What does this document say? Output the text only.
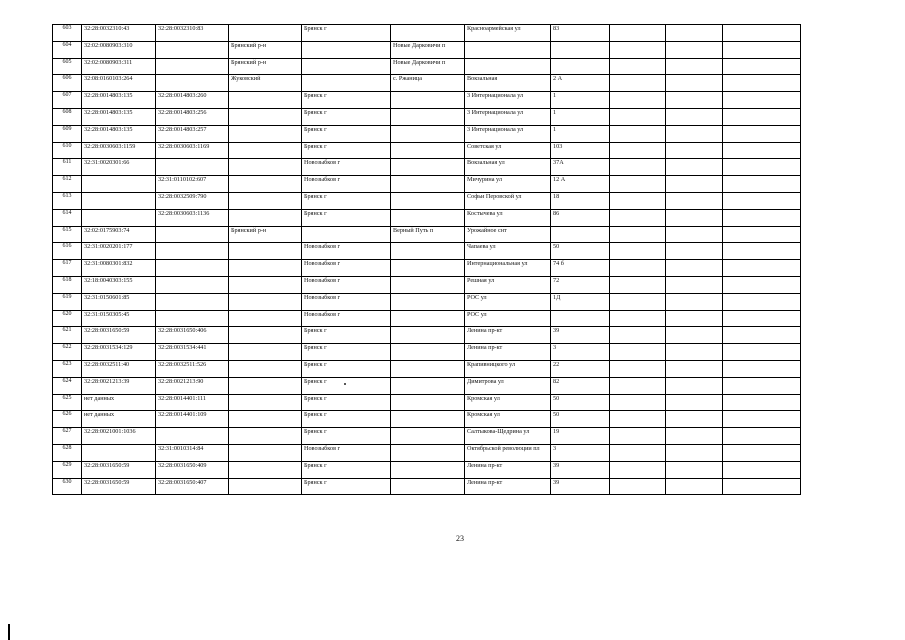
603	32:28:0032310:43	32:28:0032310:83		Брянск г		Красноармейская ул	83			
604	32:02:0080903:310		Брянский р-н		Новые Дарковичи п					
605	32:02:0080903:311		Брянский р-н		Новые Дарковичи п					
606	32:08:0160103:264		Жуковский		с. Ржаница	Вокзальная	2 А			
607	32:28:0014803:135	32:28:0014803:260		Брянск г		3 Интернационала ул	1			
608	32:28:0014803:135	32:28:0014803:256		Брянск г		3 Интернационала ул	1			
609	32:28:0014803:135	32:28:0014803:257		Брянск г		3 Интернационала ул	1			
610	32:28:0030603:1159	32:28:0030603:1169		Брянск г		Советская ул	103			
611	32:31:0020301:66			Новозыбков г		Вокзальная ул	37А			
612		32:31:0110102:607		Новозыбков г		Мичурина ул	12 А			
613		32:28:0032509:790		Брянск г		Софьи Перовской ул	18			
614		32:28:0030603:1136		Брянск г		Костычева ул	86			
615	32:02:0175903:74		Брянский р-н		Верный Путь п	Урожайное снт				
616	32:31:0020201:177			Новозыбков г		Чапаева ул	50			
617	32:31:0080301:832			Новозыбков г		Интернациональная ул	74 б			
618	32:18:0040303:155			Новозыбков г		Решная ул	72			
619	32:31:0150601:85			Новозыбков г		РОС ул	1Д			
620	32:31:0150305:45			Новозыбков г		РОС ул				
621	32:28:0031650:59	32:28:0031650:406		Брянск г		Ленина пр-кт	39			
622	32:28:0031534:129	32:28:0031534:441		Брянск г		Ленина пр-кт	3			
623	32:28:0032511:40	32:28:0032511:526		Брянск г		Крапивницкого ул	22			
624	32:28:0021213:39	32:28:0021213:90		Брянск г		Димитрова ул	82			
625	нет данных	32:28:0014401:111		Брянск г		Кромская ул	50			
626	нет данных	32:28:0014401:109		Брянск г		Кромская ул	50			
627	32:28:0021001:1036			Брянск г		Салтыкова-Щедрина ул	19			
628		32:31:0010314:84		Новозыбков г		Октябрьской революции пл	3			
629	32:28:0031650:59	32:28:0031650:409		Брянск г		Ленина пр-кт	39			
630	32:28:0031650:59	32:28:0031650:407		Брянск г		Ленина пр-кт	39			
23
